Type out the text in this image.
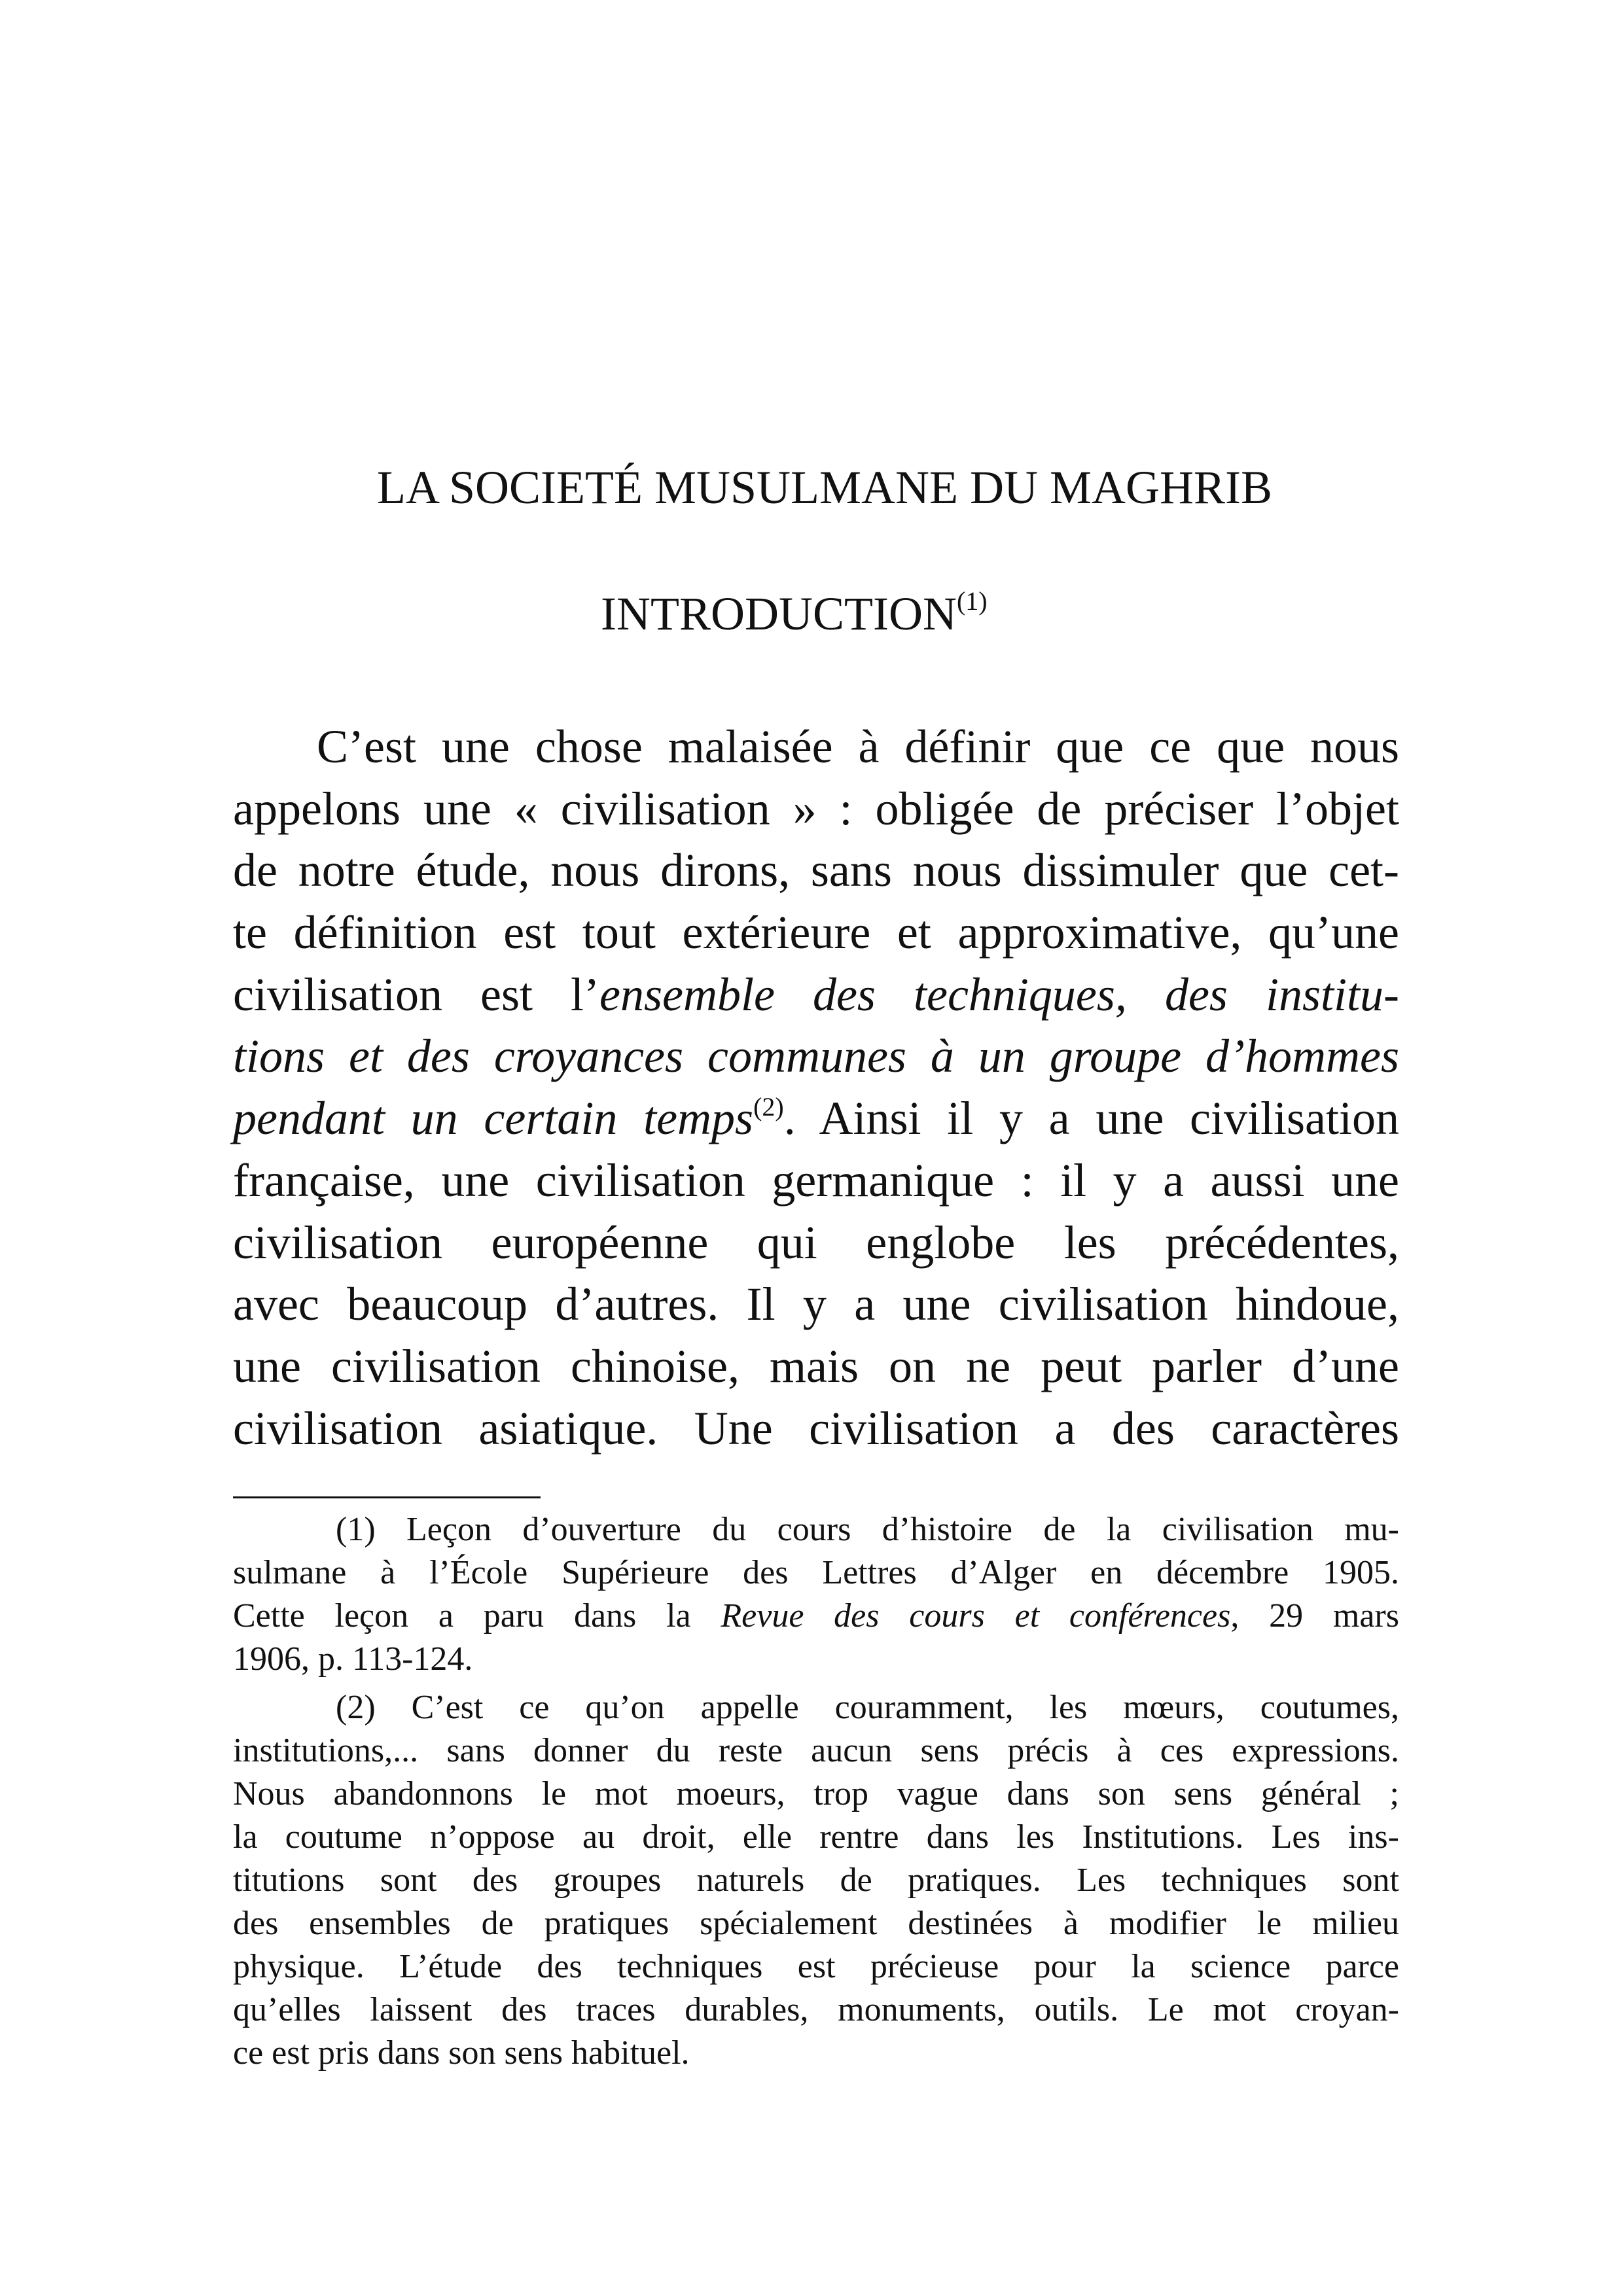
LA SOCIETÉ MUSULMANE DU MAGHRIB
INTRODUCTION$^{(1)}$
C’est une chose malaisée à définir que ce que nous
appelons une « civilisation » : obligée de préciser l’objet
de notre étude, nous dirons, sans nous dissimuler que cet-
te définition est tout extérieure et approximative, qu’une
civilisation est l’ensemble des techniques, des institu-
tions et des croyances communes à un groupe d’hommes
pendant un certain temps$^{(2)}$. Ainsi il y a une civilisation
française, une civilisation germanique : il y a aussi une
civilisation européenne qui englobe les précédentes,
avec beaucoup d’autres. Il y a une civilisation hindoue,
une civilisation chinoise, mais on ne peut parler d’une
civilisation asiatique. Une civilisation a des caractères
(1) Leçon d’ouverture du cours d’histoire de la civilisation mu-
sulmane à l’École Supérieure des Lettres d’Alger en décembre 1905.
Cette leçon a paru dans la Revue des cours et conférences, 29 mars
1906, p. 113-124.
(2) C’est ce qu’on appelle couramment, les mœurs, coutumes,
institutions,... sans donner du reste aucun sens précis à ces expressions.
Nous abandonnons le mot moeurs, trop vague dans son sens général ;
la coutume n’oppose au droit, elle rentre dans les Institutions. Les ins-
titutions sont des groupes naturels de pratiques. Les techniques sont
des ensembles de pratiques spécialement destinées à modifier le milieu
physique. L’étude des techniques est précieuse pour la science parce
qu’elles laissent des traces durables, monuments, outils. Le mot croyan-
ce est pris dans son sens habituel.
